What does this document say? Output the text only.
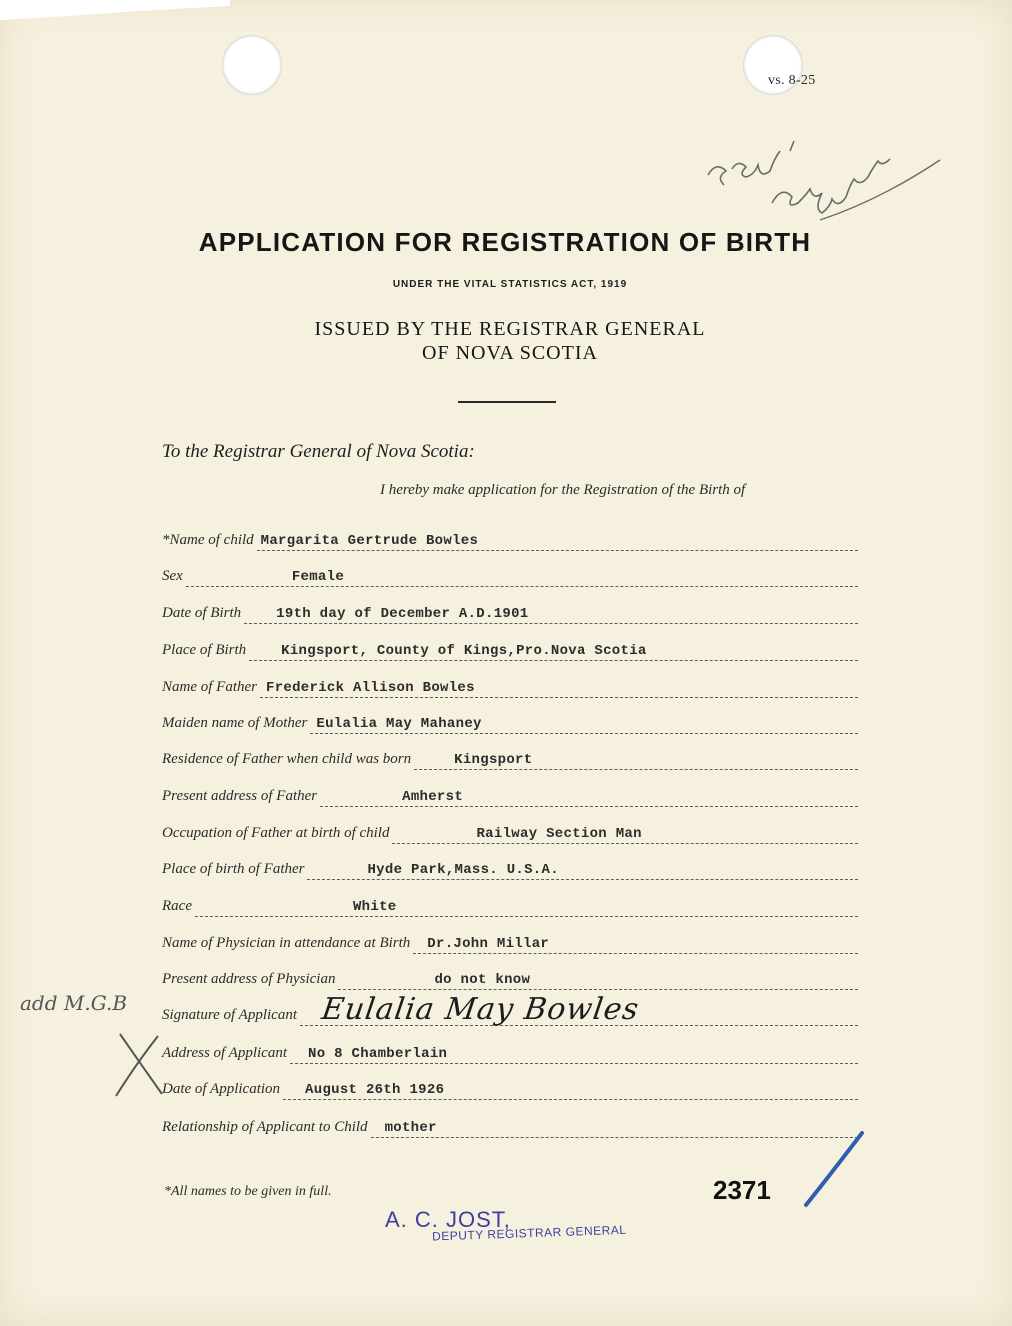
vs. 8-25
APPLICATION FOR REGISTRATION OF BIRTH
UNDER THE VITAL STATISTICS ACT, 1919
ISSUED BY THE REGISTRAR GENERAL
OF NOVA SCOTIA
To the Registrar General of Nova Scotia:
I hereby make application for the Registration of the Birth of
*Name of child Margarita Gertrude Bowles
Sex	Female
Date of Birth	19th day of December A.D.1901
Place of Birth	Kingsport, County of Kings,Pro.Nova Scotia
Name of Father Frederick Allison Bowles
Maiden name of Mother Eulalia May Mahaney
Residence of Father when child was born	Kingsport
Present address of Father	Amherst
Occupation of Father at birth of child	Railway Section Man
Place of birth of Father	Hyde Park,Mass. U.S.A.
Race	White
Name of Physician in attendance at Birth Dr.John Millar
Present address of Physician	do not know
Signature of Applicant Eulalia May Bowles
Address of Applicant No 8 Chamberlain
Date of Application August 26th 1926
Relationship of Applicant to Child mother
add M.G.B
*All names to be given in full.	2371
A. C. JOST,
DEPUTY REGISTRAR GENERAL
